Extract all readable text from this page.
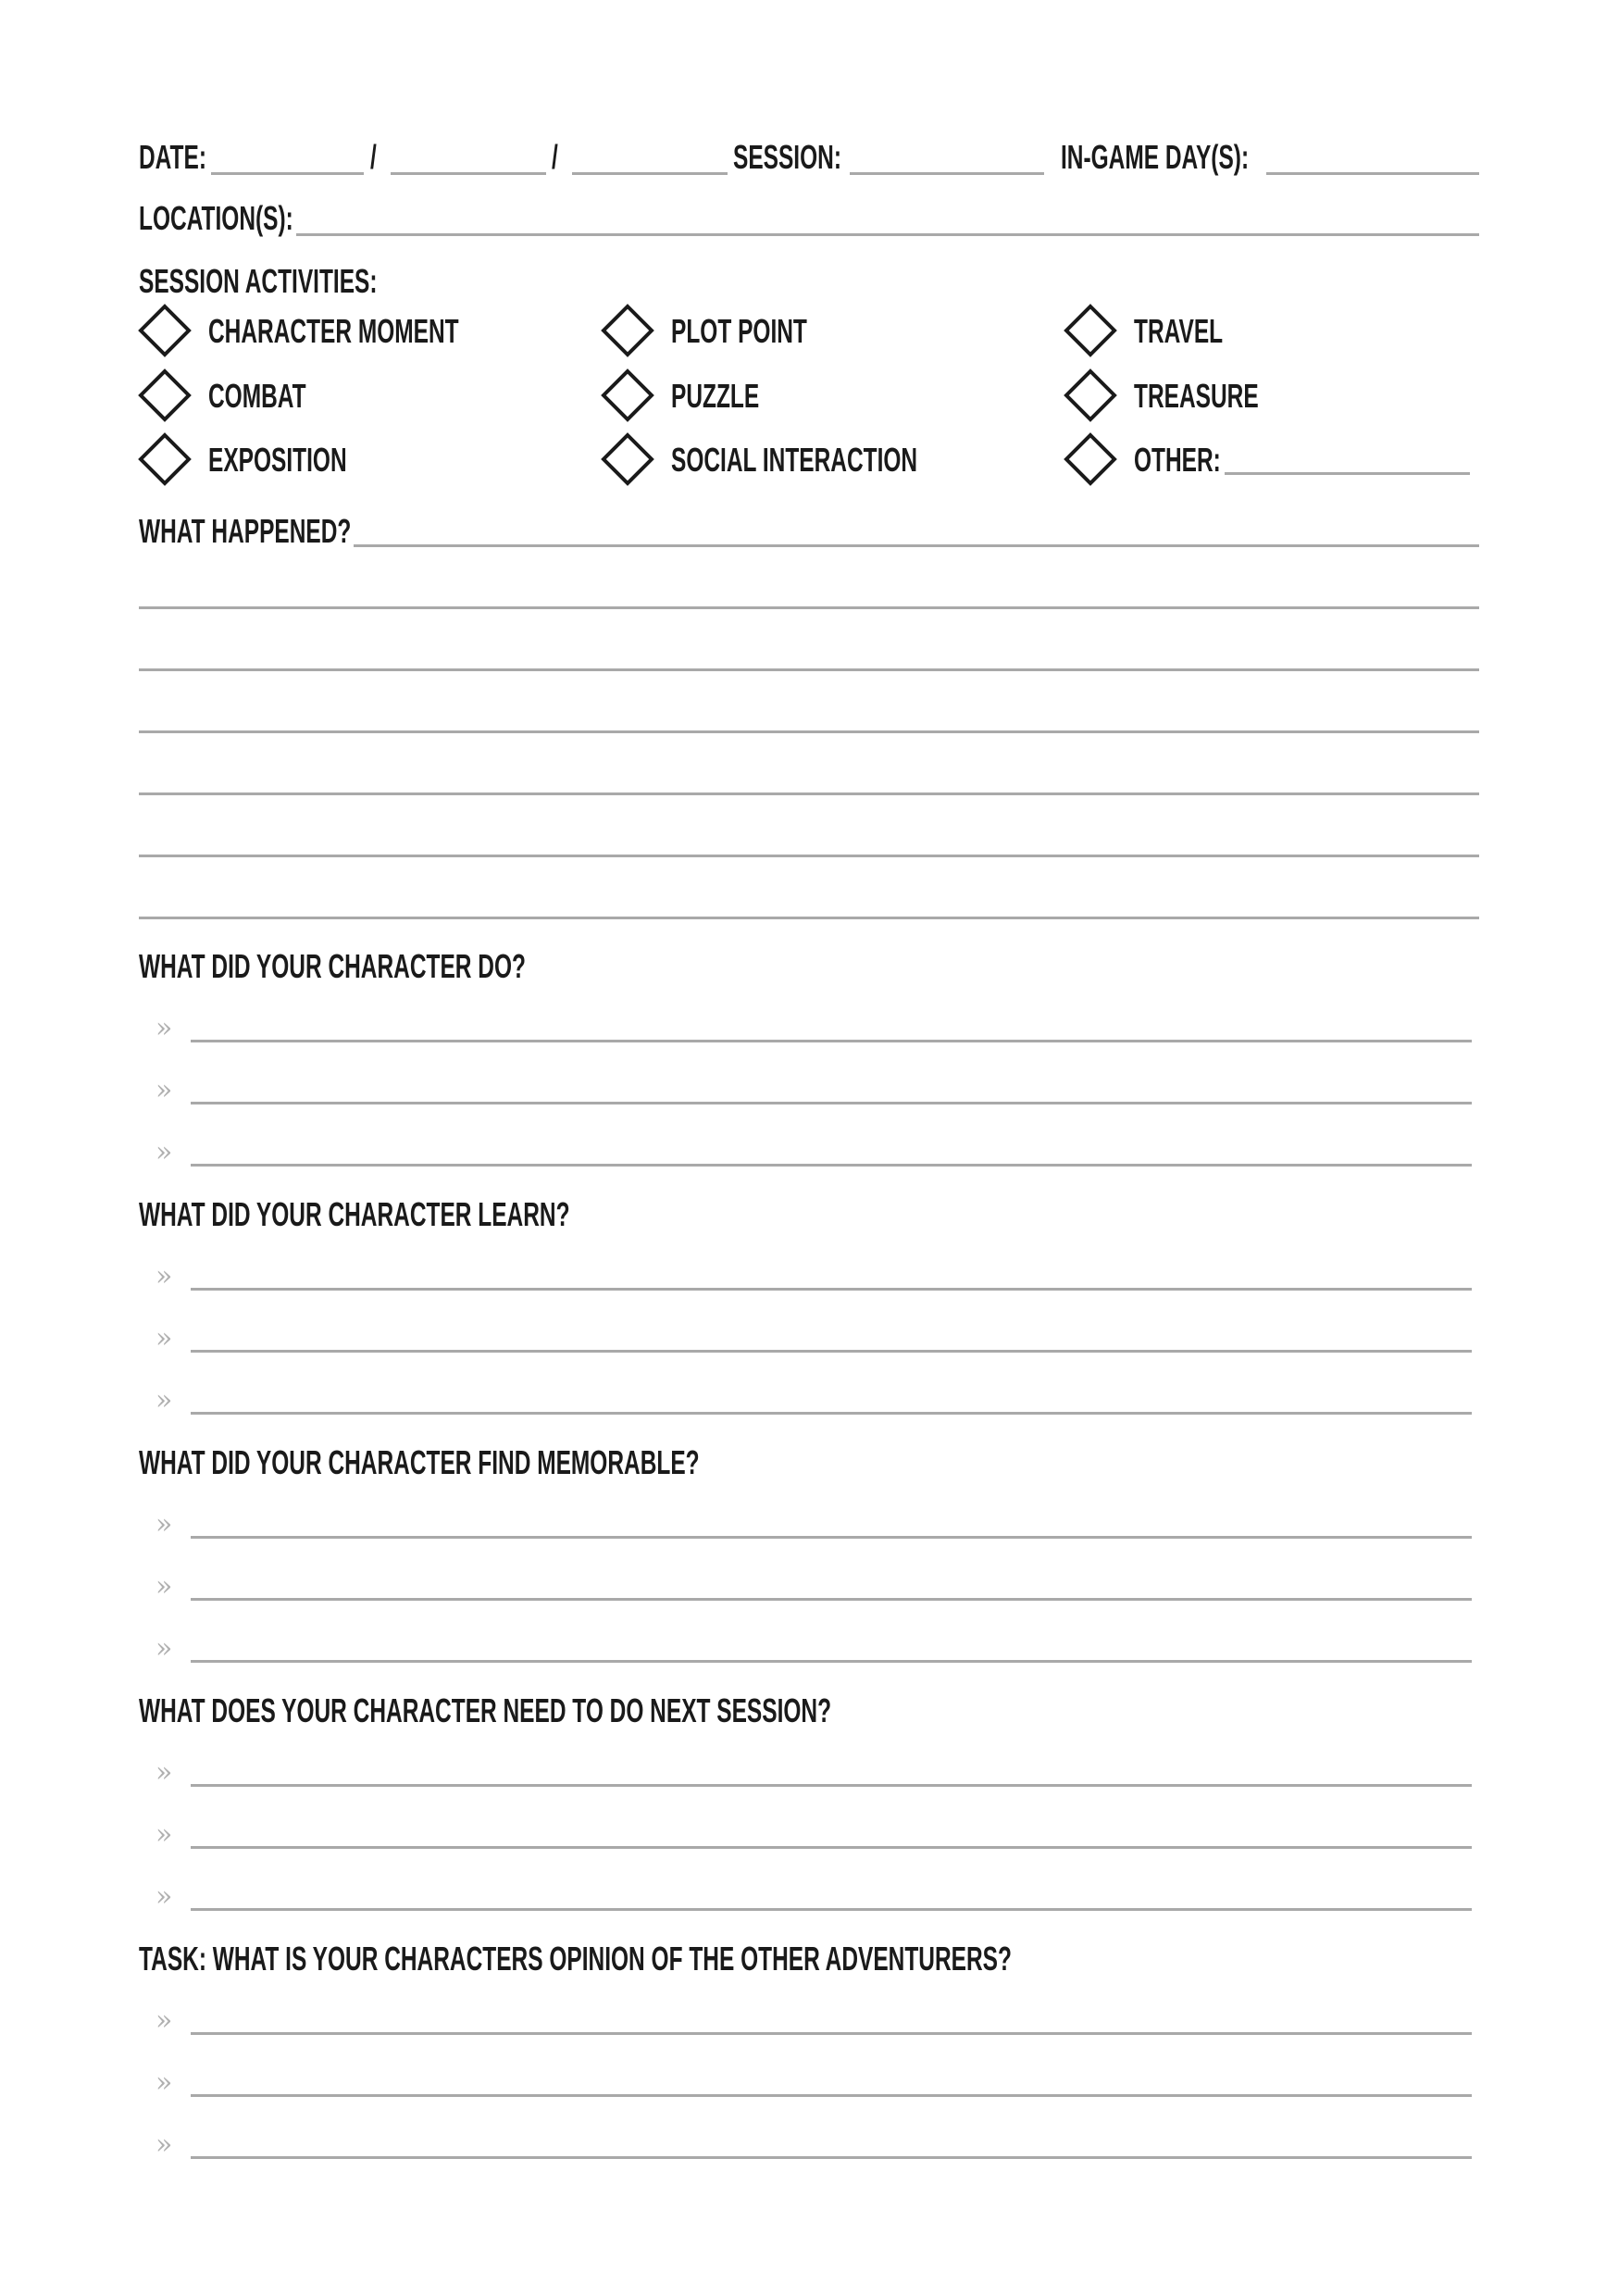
DATE:	/	/	SESSION:	IN-GAME DAY(S):
LOCATION(S):
SESSION ACTIVITIES:
CHARACTER MOMENT
COMBAT
EXPOSITION
PLOT POINT
PUZZLE
SOCIAL INTERACTION
TRAVEL
TREASURE
OTHER:
WHAT HAPPENED?
WHAT DID YOUR CHARACTER DO?
»
»
»
WHAT DID YOUR CHARACTER LEARN?
»
»
»
WHAT DID YOUR CHARACTER FIND MEMORABLE?
»
»
»
WHAT DOES YOUR CHARACTER NEED TO DO NEXT SESSION?
»
»
»
TASK: WHAT IS YOUR CHARACTERS OPINION OF THE OTHER ADVENTURERS?
»
»
»
